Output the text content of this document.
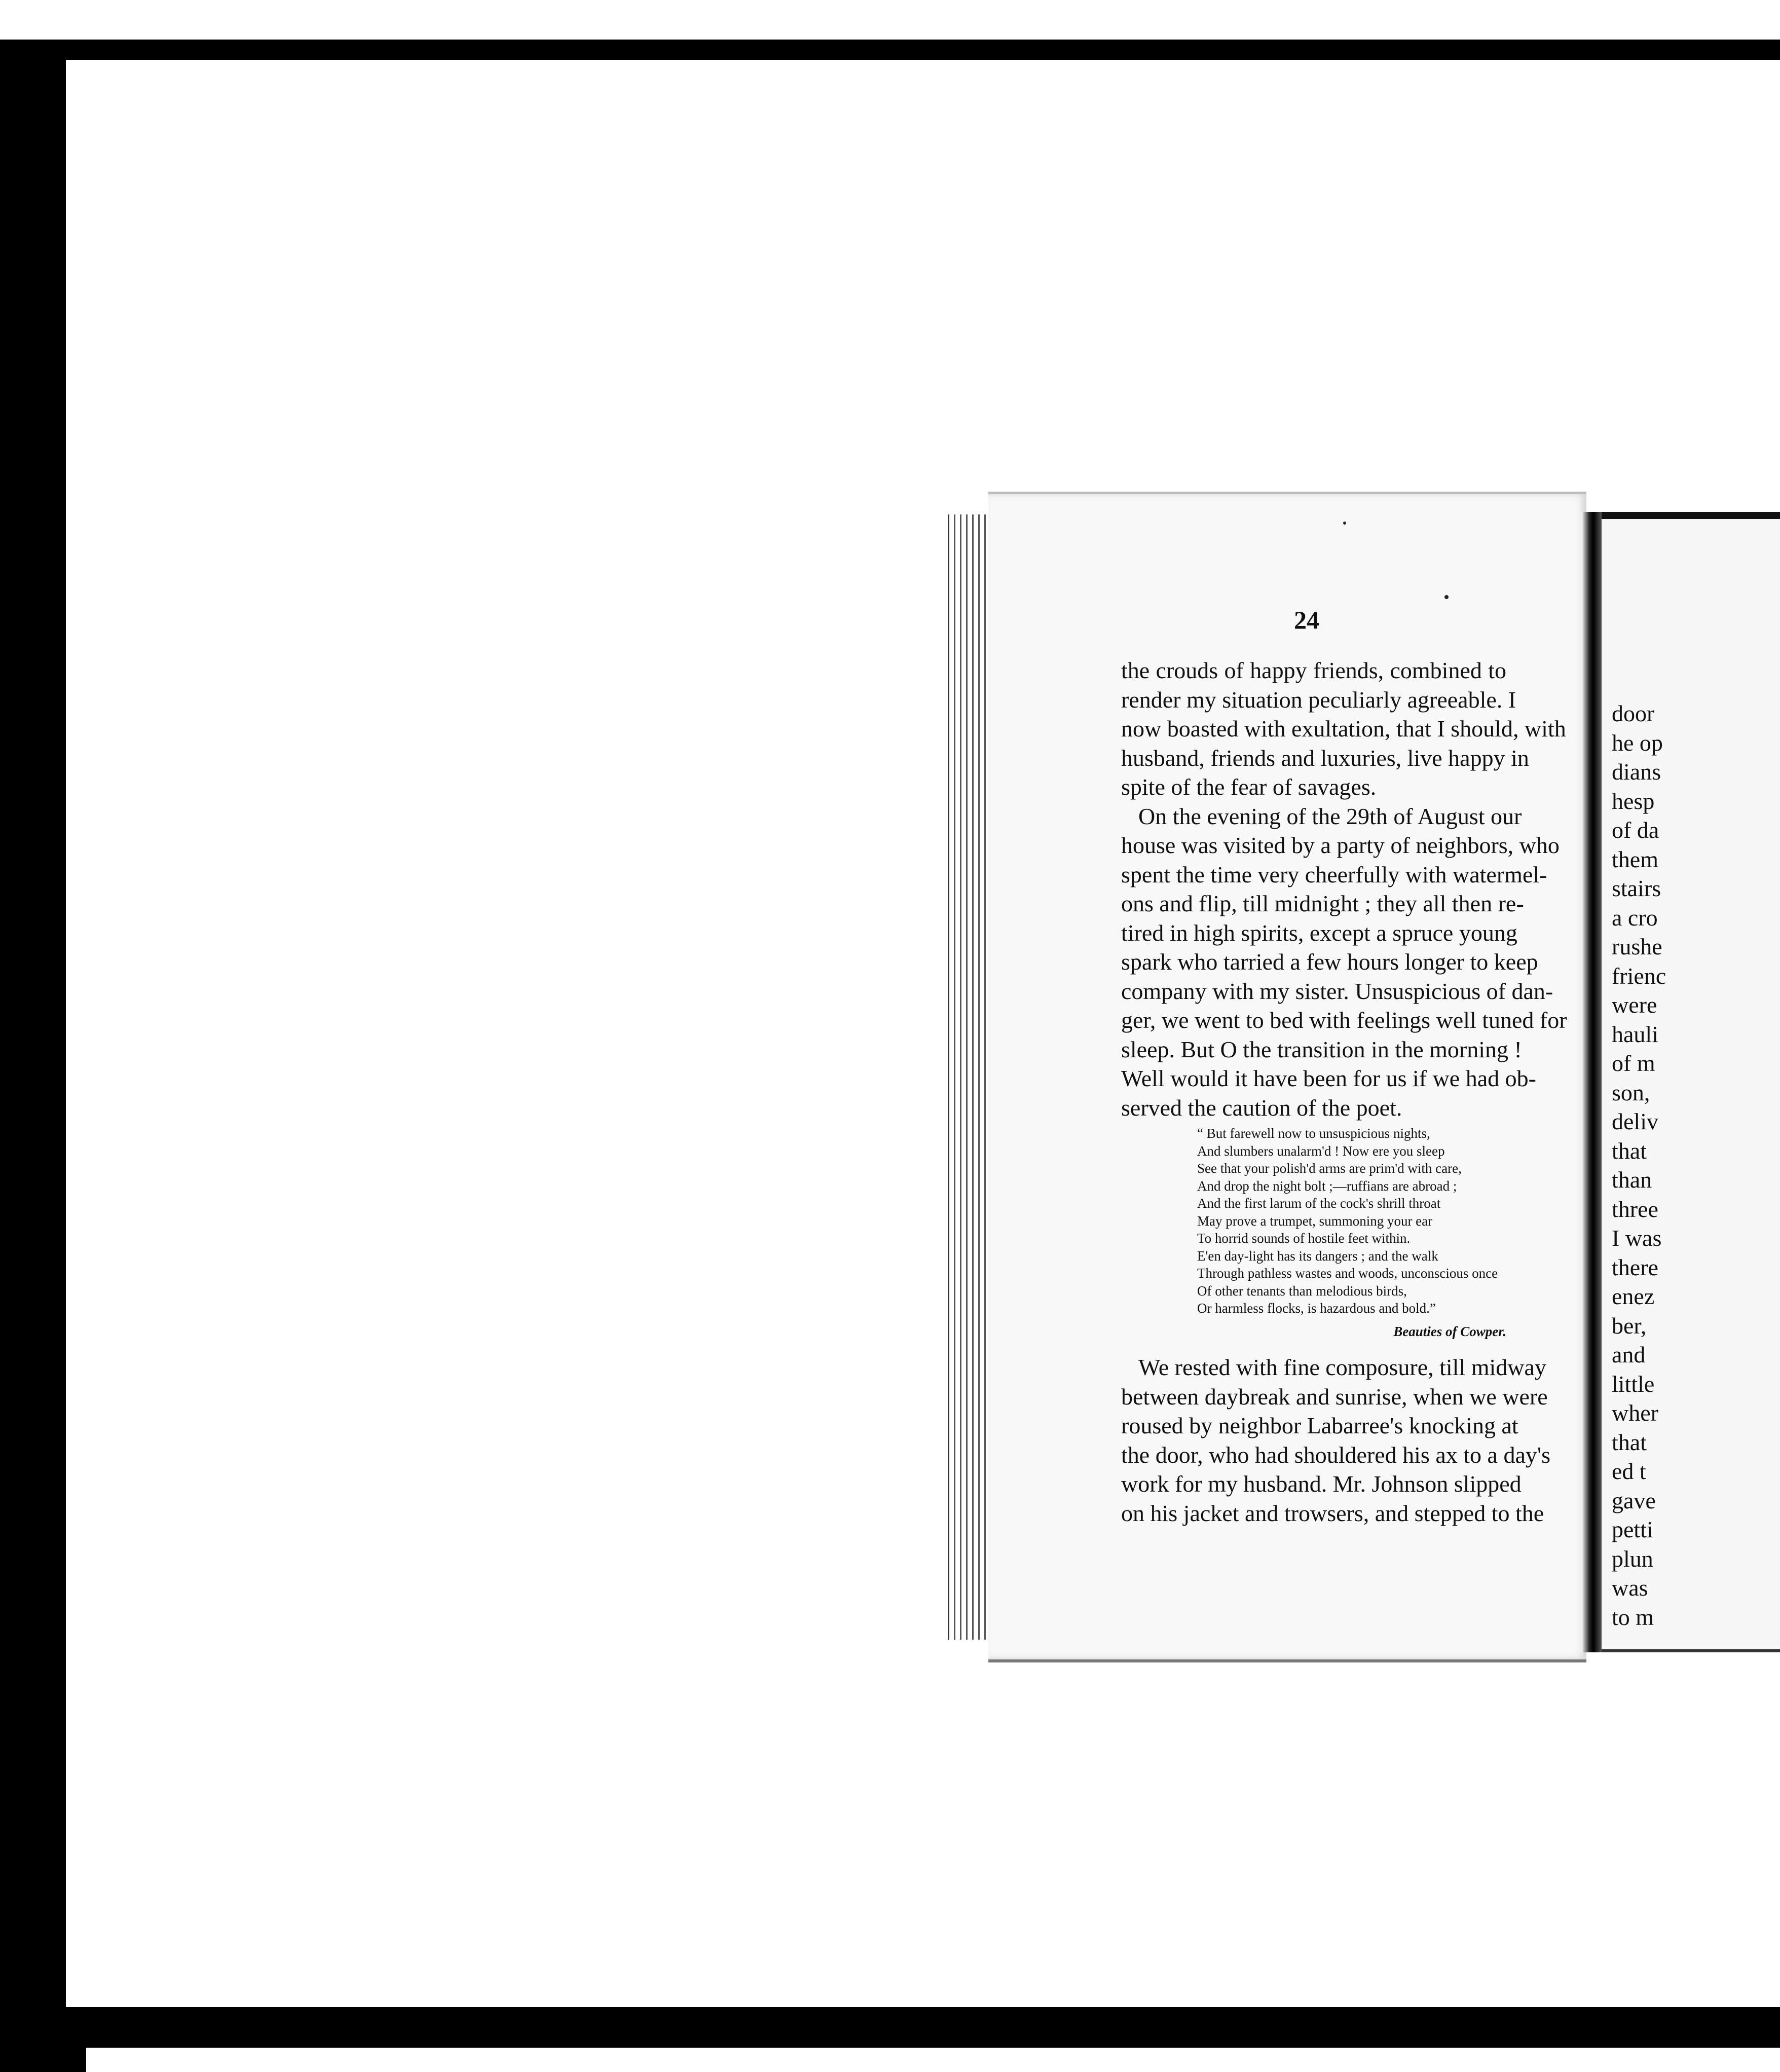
24
the crouds of happy friends, combined to
render my situation peculiarly agreeable. I
now boasted with exultation, that I should, with
husband, friends and luxuries, live happy in
spite of the fear of savages.
On the evening of the 29th of August our
house was visited by a party of neighbors, who
spent the time very cheerfully with watermel-
ons and flip, till midnight ; they all then re-
tired in high spirits, except a spruce young
spark who tarried a few hours longer to keep
company with my sister. Unsuspicious of dan-
ger, we went to bed with feelings well tuned for
sleep. But O the transition in the morning !
Well would it have been for us if we had ob-
served the caution of the poet.
“ But farewell now to unsuspicious nights,
And slumbers unalarm'd ! Now ere you sleep
See that your polish'd arms are prim'd with care,
And drop the night bolt ;—ruffians are abroad ;
And the first larum of the cock's shrill throat
May prove a trumpet, summoning your ear
To horrid sounds of hostile feet within.
E'en day-light has its dangers ; and the walk
Through pathless wastes and woods, unconscious once
Of other tenants than melodious birds,
Or harmless flocks, is hazardous and bold.”
Beauties of Cowper.
We rested with fine composure, till midway
between daybreak and sunrise, when we were
roused by neighbor Labarree's knocking at
the door, who had shouldered his ax to a day's
work for my husband. Mr. Johnson slipped
on his jacket and trowsers, and stepped to the
door
he op
dians
hesp
of da
them
stairs
a cro
rushe
frienc
were
hauli
of m
son,
deliv
that
than
three
I was
there
enez
ber,
and
little
wher
that
ed t
gave
petti
plun
was
to m
